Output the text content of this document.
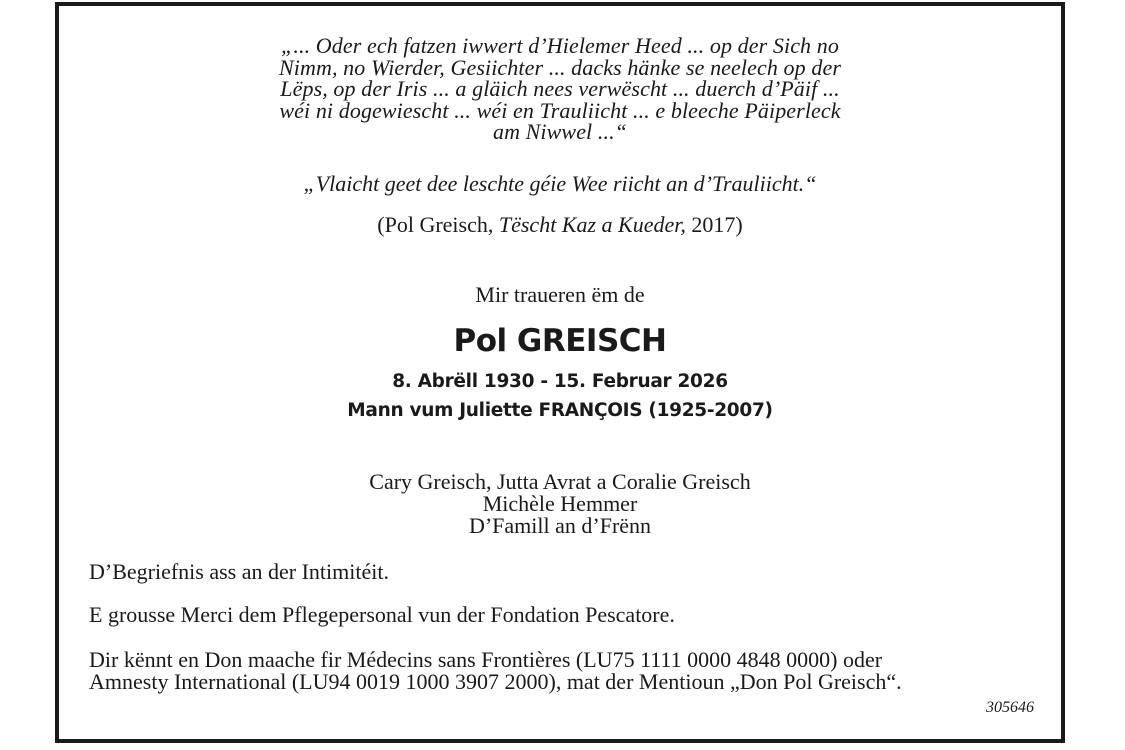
„... Oder ech fatzen iwwert d’Hielemer Heed ... op der Sich no
Nimm, no Wierder, Gesiichter ... dacks hänke se neelech op der
Lëps, op der Iris ... a gläich nees verwëscht ... duerch d’Päif ...
wéi ni dogewiescht ... wéi en Trauliicht ... e bleeche Päiperleck
am Niwwel ...“
„Vlaicht geet dee leschte géie Wee riicht an d’Trauliicht.“
(Pol Greisch, Tëscht Kaz a Kueder, 2017)
Mir traueren ëm de
Pol GREISCH
8. Abrëll 1930 - 15. Februar 2026
Mann vum Juliette FRANÇOIS (1925-2007)
Cary Greisch, Jutta Avrat a Coralie Greisch
Michèle Hemmer
D’Famill an d’Frënn
D’Begriefnis ass an der Intimitéit.
E grousse Merci dem Pflegepersonal vun der Fondation Pescatore.
Dir kënnt en Don maache fir Médecins sans Frontières (LU75 1111 0000 4848 0000) oder
Amnesty International (LU94 0019 1000 3907 2000), mat der Mentioun „Don Pol Greisch“.
305646
